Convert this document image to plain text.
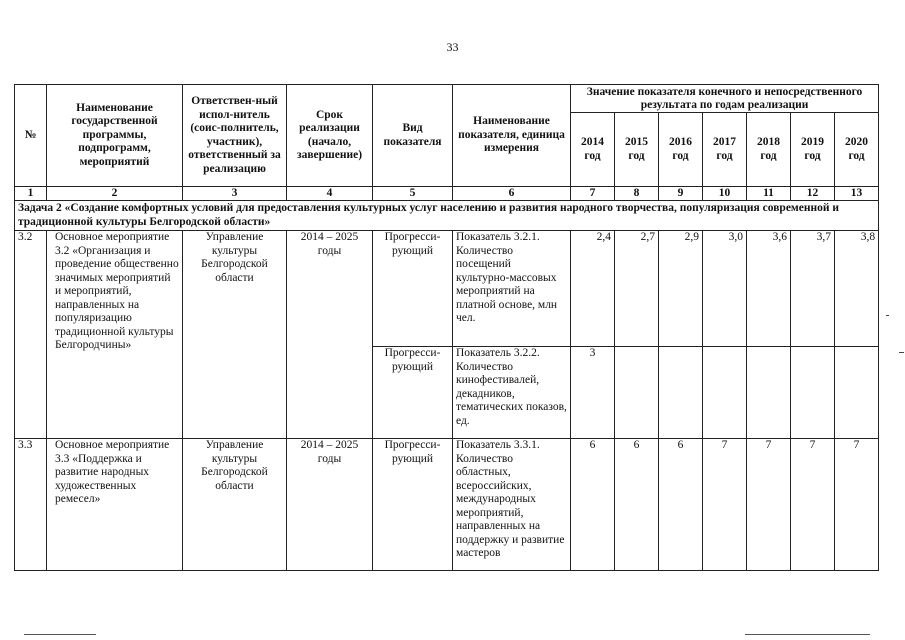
33
№	Наименование государственной программы, подпрограмм, мероприятий	Ответствен-ный испол-нитель (соис-полнитель, участник), ответственный за реализацию	Срок реализации (начало, завершение)	Вид показателя	Наименование показателя, единица измерения	Значение показателя конечного и непосредственного результата по годам реализации						
						2014 год	2015 год	2016 год	2017 год	2018 год	2019 год	2020 год
1	2	3	4	5	6	7	8	9	10	11	12	13
Задача 2 «Создание комфортных условий для предоставления культурных услуг населению и развития народного творчества, популяризация современной и традиционной культуры Белгородской области»												
3.2	Основное мероприятие 3.2 «Организация и проведение общественно значимых мероприятий и мероприятий, направленных на популяризацию традиционной культуры Белгородчины»	Управление культуры Белгородской области	2014 – 2025 годы	Прогресси-рующий	Показатель 3.2.1. Количество посещений культурно-массовых мероприятий на платной основе, млн чел.	2,4	2,7	2,9	3,0	3,6	3,7	3,8
				Прогресси-рующий	Показатель 3.2.2. Количество кинофестивалей, декадников, тематических показов, ед.	3						
3.3	Основное мероприятие 3.3 «Поддержка и развитие народных художественных ремесел»	Управление культуры Белгородской области	2014 – 2025 годы	Прогресси-рующий	Показатель 3.3.1. Количество областных, всероссийских, международных мероприятий, направленных на поддержку и развитие мастеров	6	6	6	7	7	7	7
